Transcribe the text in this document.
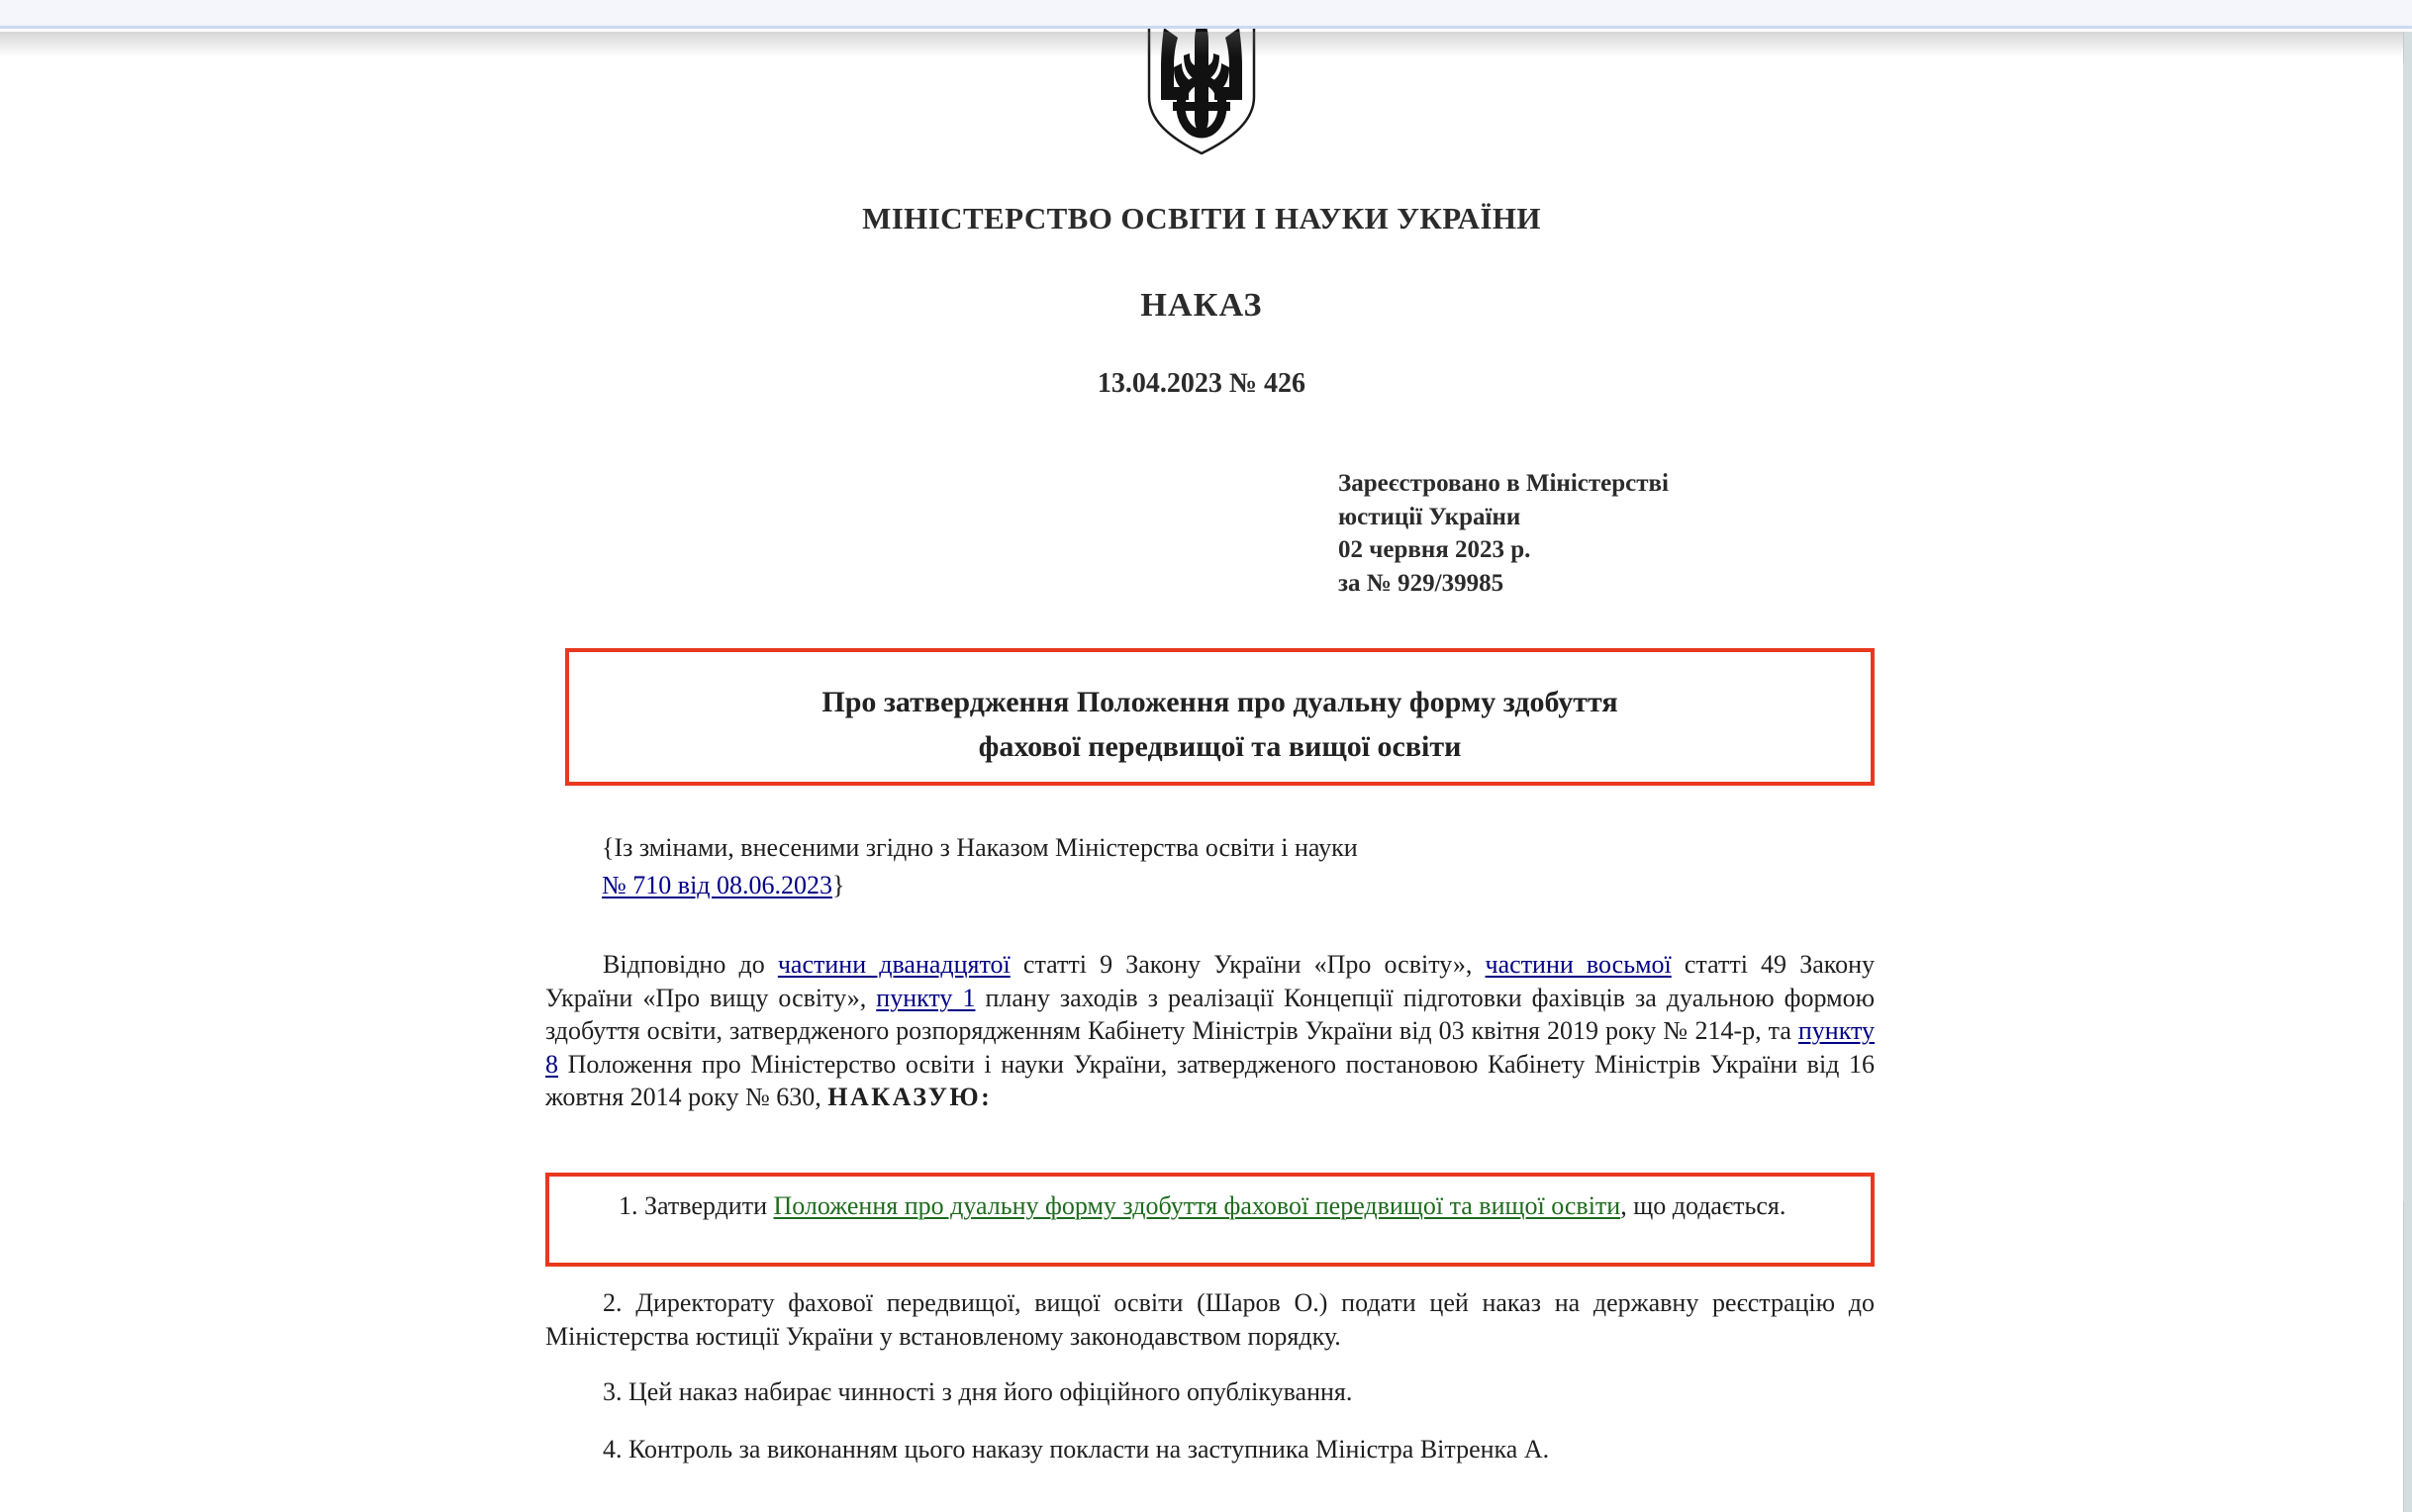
МІНІСТЕРСТВО ОСВІТИ І НАУКИ УКРАЇНИ
НАКАЗ
13.04.2023 № 426
Зареєстровано в Міністерстві
юстиції України
02 червня 2023 р.
за № 929/39985
Про затвердження Положення про дуальну форму здобуття
фахової передвищої та вищої освіти
{Із змінами, внесеними згідно з Наказом Міністерства освіти і науки
№ 710 від 08.06.2023}
Відповідно до частини дванадцятої статті 9 Закону України «Про освіту», частини восьмої статті 49 Закону України «Про вищу освіту», пункту 1 плану заходів з реалізації Концепції підготовки фахівців за дуальною формою здобуття освіти, затвердженого розпорядженням Кабінету Міністрів України від 03 квітня 2019 року № 214-р, та пункту 8 Положення про Міністерство освіти і науки України, затвердженого постановою Кабінету Міністрів України від 16 жовтня 2014 року № 630, НАКАЗУЮ:
1. Затвердити Положення про дуальну форму здобуття фахової передвищої та вищої освіти, що додається.
2. Директорату фахової передвищої, вищої освіти (Шаров О.) подати цей наказ на державну реєстрацію до Міністерства юстиції України у встановленому законодавством порядку.
3. Цей наказ набирає чинності з дня його офіційного опублікування.
4. Контроль за виконанням цього наказу покласти на заступника Міністра Вітренка А.
